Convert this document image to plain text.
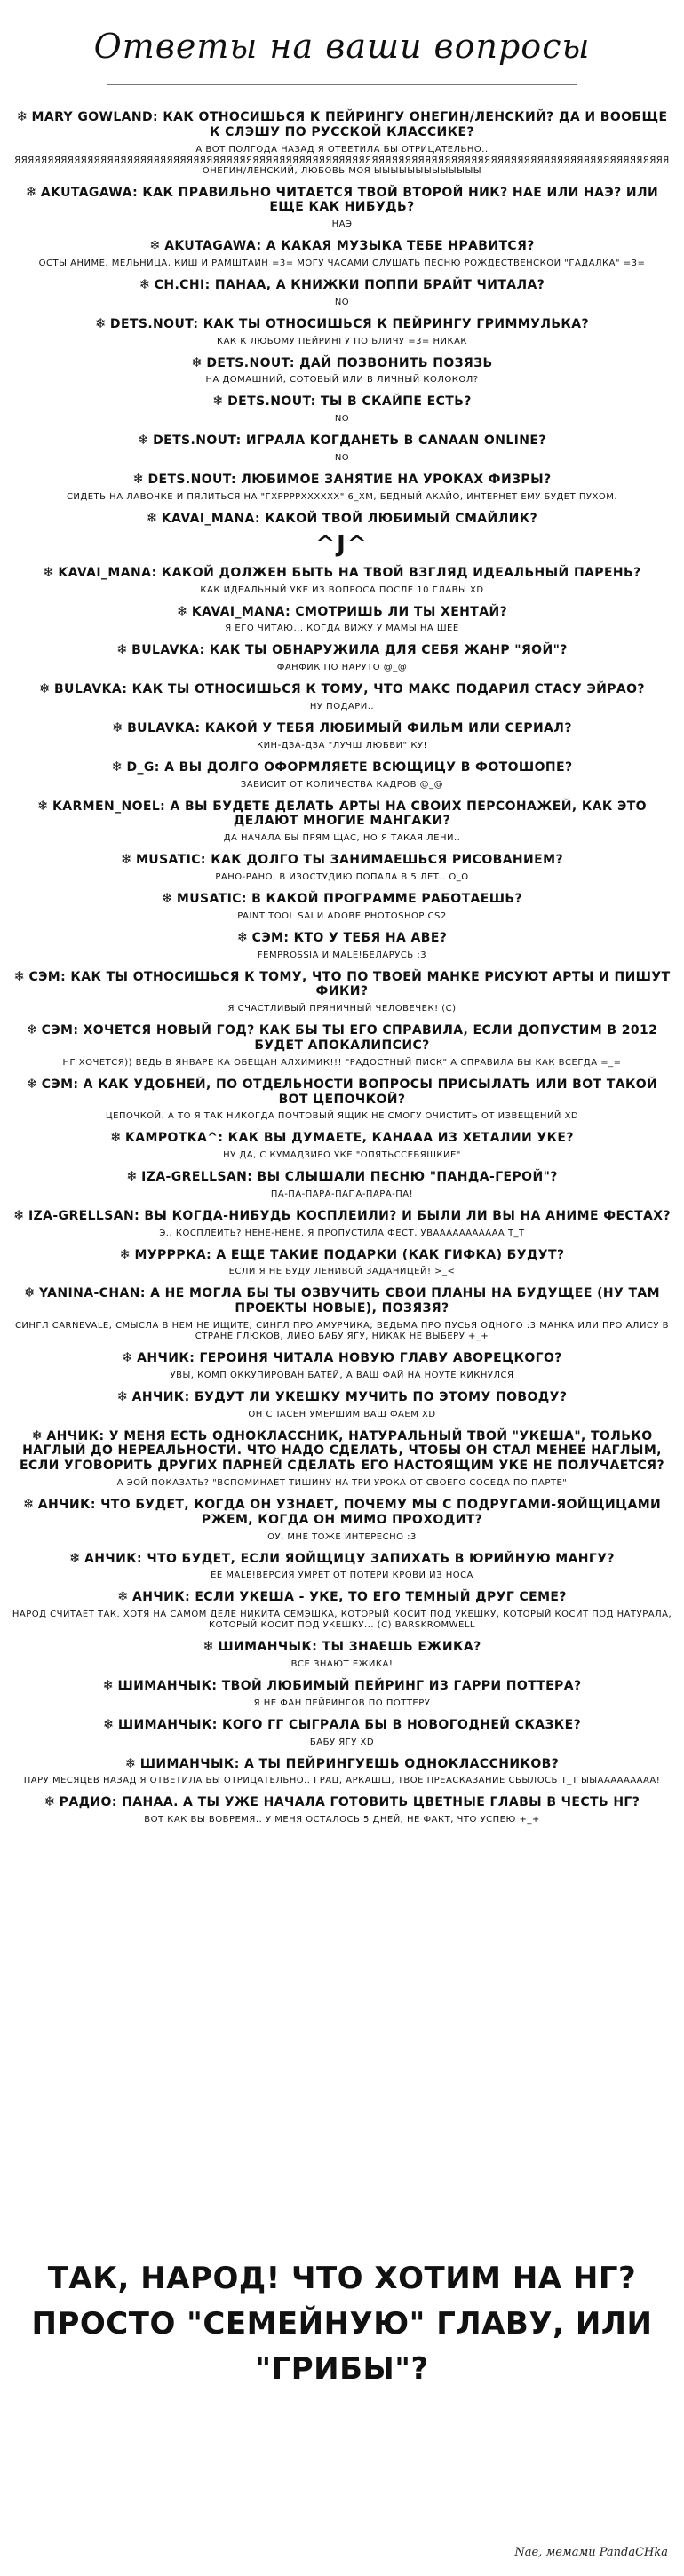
Ответы на ваши вопросы
❄ MARY GOWLAND: КАК ОТНОСИШЬСЯ К ПЕЙРИНГУ ОНЕГИН/ЛЕНСКИЙ? ДА И ВООБЩЕ К СЛЭШУ ПО РУССКОЙ КЛАССИКЕ?
А ВОТ ПОЛГОДА НАЗАД Я ОТВЕТИЛА БЫ ОТРИЦАТЕЛЬНО.. ЯЯЯЯЯЯЯЯЯЯЯЯЯЯЯЯЯЯЯЯЯЯЯЯЯЯЯЯЯЯЯЯЯЯЯЯЯЯЯЯЯЯЯЯЯЯЯЯЯЯЯЯЯЯЯЯЯЯЯЯЯЯЯЯЯЯЯЯЯЯЯЯЯЯЯЯЯЯЯЯЯЯЯЯЯЯЯЯЯЯЯЯЯЯЯЯЯЯЯ ОНЕГИН/ЛЕНСКИЙ, ЛЮБОВЬ МОЯ ЫЫЫЫЫЫЫЫЫЫЫЫЫ
❄ AKUTAGAWA: КАК ПРАВИЛЬНО ЧИТАЕТСЯ ТВОЙ ВТОРОЙ НИК? НАЕ ИЛИ НАЭ? ИЛИ ЕЩЕ КАК НИБУДЬ?
НАЭ
❄ AKUTAGAWA: А КАКАЯ МУЗЫКА ТЕБЕ НРАВИТСЯ?
ОСТЫ АНИМЕ, МЕЛЬНИЦА, КИШ И РАМШТАЙН =3= МОГУ ЧАСАМИ СЛУШАТЬ ПЕСНЮ РОЖДЕСТВЕНСКОЙ "ГАДАЛКА" =3=
❄ CH.CHI: ПАНАА, А КНИЖКИ ПОППИ БРАЙТ ЧИТАЛА?
NO
❄ DETS.NOUT: КАК ТЫ ОТНОСИШЬСЯ К ПЕЙРИНГУ ГРИММУЛЬКА?
КАК К ЛЮБОМУ ПЕЙРИНГУ ПО БЛИЧУ =3= НИКАК
❄ DETS.NOUT: ДАЙ ПОЗВОНИТЬ ПОЗЯЗЬ
НА ДОМАШНИЙ, СОТОВЫЙ ИЛИ В ЛИЧНЫЙ КОЛОКОЛ?
❄ DETS.NOUT: ТЫ В СКАЙПЕ ЕСТЬ?
NO
❄ DETS.NOUT: ИГРАЛА КОГДАНЕТЬ В CANAAN ONLINE?
NO
❄ DETS.NOUT: ЛЮБИМОЕ ЗАНЯТИЕ НА УРОКАХ ФИЗРЫ?
СИДЕТЬ НА ЛАВОЧКЕ И ПЯЛИТЬСЯ НА "ГХРРРРХХХХХХ" 6_ХМ, БЕДНЫЙ АКАЙО, ИНТЕРНЕТ ЕМУ БУДЕТ ПУХОМ.
❄ KAVAI_MANA: КАКОЙ ТВОЙ ЛЮБИМЫЙ СМАЙЛИК?
^J^
❄ KAVAI_MANA: КАКОЙ ДОЛЖЕН БЫТЬ НА ТВОЙ ВЗГЛЯД ИДЕАЛЬНЫЙ ПАРЕНЬ?
КАК ИДЕАЛЬНЫЙ УКЕ ИЗ ВОПРОСА ПОСЛЕ 10 ГЛАВЫ XD
❄ KAVAI_MANA: СМОТРИШЬ ЛИ ТЫ ХЕНТАЙ?
Я ЕГО ЧИТАЮ... КОГДА ВИЖУ У МАМЫ НА ШЕЕ
❄ BULAVKA: КАК ТЫ ОБНАРУЖИЛА ДЛЯ СЕБЯ ЖАНР "ЯОЙ"?
ФАНФИК ПО НАРУТО @_@
❄ BULAVKA: КАК ТЫ ОТНОСИШЬСЯ К ТОМУ, ЧТО МАКС ПОДАРИЛ СТАСУ ЭЙРАО?
НУ ПОДАРИ..
❄ BULAVKA: КАКОЙ У ТЕБЯ ЛЮБИМЫЙ ФИЛЬМ ИЛИ СЕРИАЛ?
КИН-ДЗА-ДЗА "ЛУЧШ ЛЮБВИ" КУ!
❄ D_G: А ВЫ ДОЛГО ОФОРМЛЯЕТЕ ВСЮЩИЦУ В ФОТОШОПЕ?
ЗАВИСИТ ОТ КОЛИЧЕСТВА КАДРОВ @_@
❄ KARMEN_NOEL: А ВЫ БУДЕТЕ ДЕЛАТЬ АРТЫ НА СВОИХ ПЕРСОНАЖЕЙ, КАК ЭТО ДЕЛАЮТ МНОГИЕ МАНГАКИ?
ДА НАЧАЛА БЫ ПРЯМ ЩАС, НО Я ТАКАЯ ЛЕНИ..
❄ MUSATIC: КАК ДОЛГО ТЫ ЗАНИМАЕШЬСЯ РИСОВАНИЕМ?
РАНО-РАНО, В ИЗОСТУДИЮ ПОПАЛА В 5 ЛЕТ.. О_О
❄ MUSATIC: В КАКОЙ ПРОГРАММЕ РАБОТАЕШЬ?
PAINT TOOL SAI И ADOBE PHOTOSHOP CS2
❄ СЭМ: КТО У ТЕБЯ НА АВЕ?
FEMPROSSIA И MALE!БЕЛАРУСЬ :3
❄ СЭМ: КАК ТЫ ОТНОСИШЬСЯ К ТОМУ, ЧТО ПО ТВОЕЙ МАНКЕ РИСУЮТ АРТЫ И ПИШУТ ФИКИ?
Я СЧАСТЛИВЫЙ ПРЯНИЧНЫЙ ЧЕЛОВЕЧЕК! (С)
❄ СЭМ: ХОЧЕТСЯ НОВЫЙ ГОД? КАК БЫ ТЫ ЕГО СПРАВИЛА, ЕСЛИ ДОПУСТИМ В 2012 БУДЕТ АПОКАЛИПСИС?
НГ ХОЧЕТСЯ)) ВЕДЬ В ЯНВАРЕ КА ОБЕЩАН АЛХИМИК!!! "РАДОСТНЫЙ ПИСК" А СПРАВИЛА БЫ КАК ВСЕГДА =_=
❄ СЭМ: А КАК УДОБНЕЙ, ПО ОТДЕЛЬНОСТИ ВОПРОСЫ ПРИСЫЛАТЬ ИЛИ ВОТ ТАКОЙ ВОТ ЦЕПОЧКОЙ?
ЦЕПОЧКОЙ. А ТО Я ТАК НИКОГДА ПОЧТОВЫЙ ЯЩИК НЕ СМОГУ ОЧИСТИТЬ ОТ ИЗВЕЩЕНИЙ XD
❄ KAMPOTKA^: КАК ВЫ ДУМАЕТЕ, КАНААА ИЗ ХЕТАЛИИ УКЕ?
НУ ДА, С КУМАДЗИРО УКЕ "ОПЯТЬССЕБЯШКИЕ"
❄ IZA-GRELLSAN: ВЫ СЛЫШАЛИ ПЕСНЮ "ПАНДА-ГЕРОЙ"?
ПА-ПА-ПАРА-ПАПА-ПАРА-ПА!
❄ IZA-GRELLSAN: ВЫ КОГДА-НИБУДЬ КОСПЛЕИЛИ? И БЫЛИ ЛИ ВЫ НА АНИМЕ ФЕСТАХ?
Э.. КОСПЛЕИТЬ? НЕНЕ-НЕНЕ. Я ПРОПУСТИЛА ФЕСТ, УВААААААААААА Т_Т
❄ МУРРРКА: А ЕЩЕ ТАКИЕ ПОДАРКИ (КАК ГИФКА) БУДУТ?
ЕСЛИ Я НЕ БУДУ ЛЕНИВОЙ ЗАДАНИЦЕЙ! >_<
❄ YANINA-CHAN: А НЕ МОГЛА БЫ ТЫ ОЗВУЧИТЬ СВОИ ПЛАНЫ НА БУДУЩЕЕ (НУ ТАМ ПРОЕКТЫ НОВЫЕ), ПОЗЯЗЯ?
СИНГЛ CARNEVALE, СМЫСЛА В НЕМ НЕ ИЩИТЕ; СИНГЛ ПРО АМУРЧИКА; ВЕДЬМА ПРО ПУСЬЯ ОДНОГО :3 МАНКА ИЛИ ПРО АЛИСУ В СТРАНЕ ГЛЮКОВ, ЛИБО БАБУ ЯГУ, НИКАК НЕ ВЫБЕРУ +_+
❄ АНЧИК: ГЕРОИНЯ ЧИТАЛА НОВУЮ ГЛАВУ АВОРЕЦКОГО?
УВЫ, КОМП ОККУПИРОВАН БАТЕЙ, А ВАШ ФАЙ НА НОУТЕ КИКНУЛСЯ
❄ АНЧИК: БУДУТ ЛИ УКЕШКУ МУЧИТЬ ПО ЭТОМУ ПОВОДУ?
ОН СПАСЕН УМЕРШИМ ВАШ ФАЕМ XD
❄ АНЧИК: У МЕНЯ ЕСТЬ ОДНОКЛАССНИК, НАТУРАЛЬНЫЙ ТВОЙ "УКЕША", ТОЛЬКО НАГЛЫЙ ДО НЕРЕАЛЬНОСТИ. ЧТО НАДО СДЕЛАТЬ, ЧТОБЫ ОН СТАЛ МЕНЕЕ НАГЛЫМ, ЕСЛИ УГОВОРИТЬ ДРУГИХ ПАРНЕЙ СДЕЛАТЬ ЕГО НАСТОЯЩИМ УКЕ НЕ ПОЛУЧАЕТСЯ?
А ЭОЙ ПОКАЗАТЬ? "ВСПОМИНАЕТ ТИШИНУ НА ТРИ УРОКА ОТ СВОЕГО СОСЕДА ПО ПАРТЕ"
❄ АНЧИК: ЧТО БУДЕТ, КОГДА ОН УЗНАЕТ, ПОЧЕМУ МЫ С ПОДРУГАМИ-ЯОЙЩИЦАМИ РЖЕМ, КОГДА ОН МИМО ПРОХОДИТ?
ОУ, МНЕ ТОЖЕ ИНТЕРЕСНО :3
❄ АНЧИК: ЧТО БУДЕТ, ЕСЛИ ЯОЙЩИЦУ ЗАПИХАТЬ В ЮРИЙНУЮ МАНГУ?
ЕЕ MALE!ВЕРСИЯ УМРЕТ ОТ ПОТЕРИ КРОВИ ИЗ НОСА
❄ АНЧИК: ЕСЛИ УКЕША - УКЕ, ТО ЕГО ТЕМНЫЙ ДРУГ СЕМЕ?
НАРОД СЧИТАЕТ ТАК. ХОТЯ НА САМОМ ДЕЛЕ НИКИТА СЕМЭШКА, КОТОРЫЙ КОСИТ ПОД УКЕШКУ, КОТОРЫЙ КОСИТ ПОД НАТУРАЛА, КОТОРЫЙ КОСИТ ПОД УКЕШКУ... (С) BARSKROMWELL
❄ ШИМАНЧЫК: ТЫ ЗНАЕШЬ ЕЖИКА?
ВСЕ ЗНАЮТ ЕЖИКА!
❄ ШИМАНЧЫК: ТВОЙ ЛЮБИМЫЙ ПЕЙРИНГ ИЗ ГАРРИ ПОТТЕРА?
Я НЕ ФАН ПЕЙРИНГОВ ПО ПОТТЕРУ
❄ ШИМАНЧЫК: КОГО ГГ СЫГРАЛА БЫ В НОВОГОДНЕЙ СКАЗКЕ?
БАБУ ЯГУ XD
❄ ШИМАНЧЫК: А ТЫ ПЕЙРИНГУЕШЬ ОДНОКЛАССНИКОВ?
ПАРУ МЕСЯЦЕВ НАЗАД Я ОТВЕТИЛА БЫ ОТРИЦАТЕЛЬНО.. ГРАЦ, АРКАШШ, ТВОЕ ПРЕАСКАЗАНИЕ СБЫЛОСЬ Т_Т ЫЫААААААААА!
❄ РАДИО: ПАНАА. А ТЫ УЖЕ НАЧАЛА ГОТОВИТЬ ЦВЕТНЫЕ ГЛАВЫ В ЧЕСТЬ НГ?
ВОТ КАК ВЫ ВОВРЕМЯ.. У МЕНЯ ОСТАЛОСЬ 5 ДНЕЙ, НЕ ФАКТ, ЧТО УСПЕЮ +_+
ТАК, НАРОД! ЧТО ХОТИМ НА НГ? ПРОСТО "СЕМЕЙНУЮ" ГЛАВУ, ИЛИ "ГРИБЫ"?
Nae, мемами PandaCHka
